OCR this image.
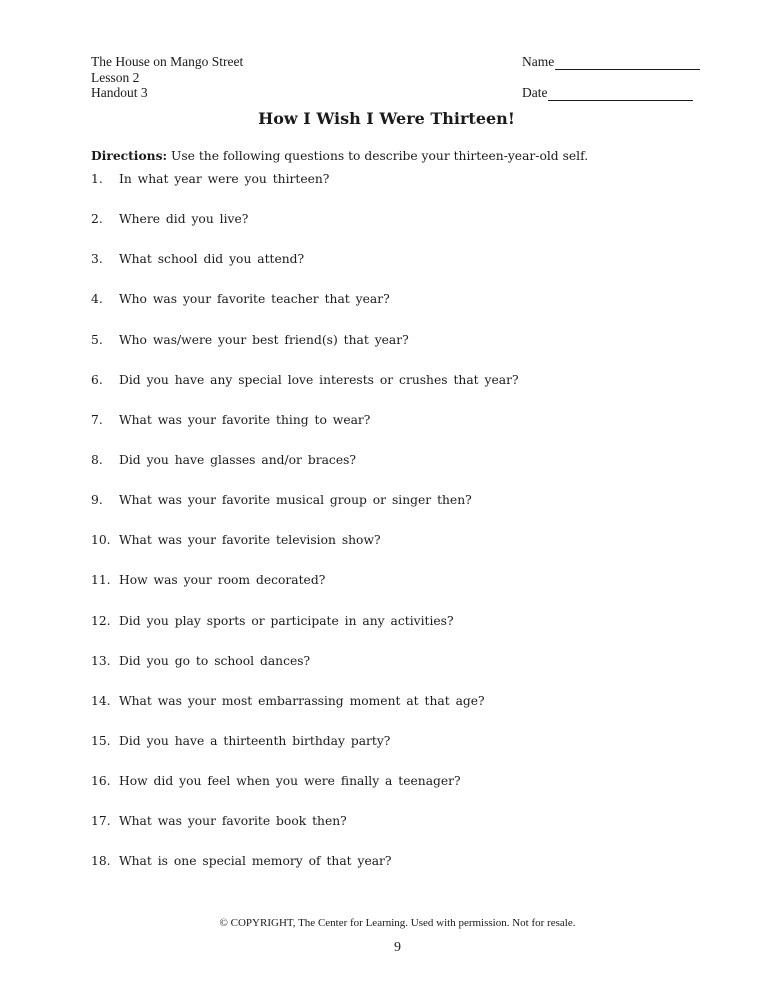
The House on Mango Street
Lesson 2
Handout 3
Name
Date
How I Wish I Were Thirteen!
Directions: Use the following questions to describe your thirteen-year-old self.
1.	In what year were you thirteen?
2.	Where did you live?
3.	What school did you attend?
4.	Who was your favorite teacher that year?
5.	Who was/were your best friend(s) that year?
6.	Did you have any special love interests or crushes that year?
7.	What was your favorite thing to wear?
8.	Did you have glasses and/or braces?
9.	What was your favorite musical group or singer then?
10. What was your favorite television show?
11. How was your room decorated?
12. Did you play sports or participate in any activities?
13. Did you go to school dances?
14. What was your most embarrassing moment at that age?
15. Did you have a thirteenth birthday party?
16. How did you feel when you were finally a teenager?
17. What was your favorite book then?
18. What is one special memory of that year?
© COPYRIGHT, The Center for Learning. Used with permission. Not for resale.
9
